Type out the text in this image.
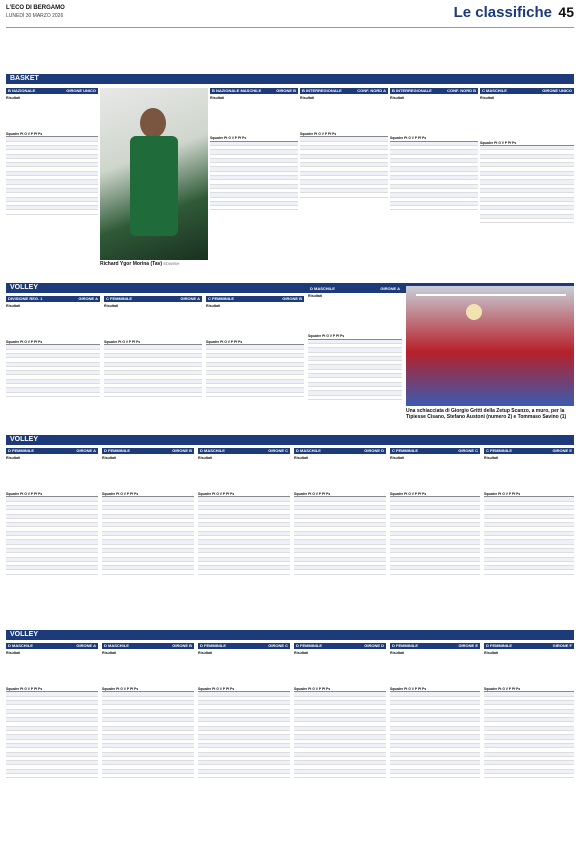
L'ECO DI BERGAMO
LUNEDÌ 30 MARZO 2026	Le classifiche 45
BASKET
B NAZIONALE	GIRONE UNICO
Risultati

Squadre Pt G V P Pf Ps
Richard Ygor Morina (Tav) EDWISH
B NAZIONALE MASCHILE	GIRONE B
Risultati

Squadre Pt G V P Pf Ps
B INTERREGIONALE	CONF. NORD A
Risultati

Squadre Pt G V P Pf Ps
B INTERREGIONALE	CONF. NORD B
Risultati

Squadre Pt G V P Pf Ps
C MASCHILE	GIRONE UNICO
Risultati

Squadre Pt G V P Pf Ps
VOLLEY
DIVISIONE REG. 1	GIRONE A
Risultati

Squadre Pt G V P Pf Ps
C FEMMINILE	GIRONE A
Risultati

Squadre Pt G V P Pf Ps
C FEMMINILE	GIRONE B
Risultati

Squadre Pt G V P Pf Ps
D MASCHILE	GIRONE A
Risultati

Squadre Pt G V P Pf Ps
Una schiacciata di Giorgio Gritti della Zetup Scanzo, a muro, per la Tipiesse Cisano, Stefano Austoni (numero 2) e Tommaso Savino (1)
VOLLEY
D FEMMINILE	GIRONE A
Risultati

Squadre Pt G V P Pf Ps
D FEMMINILE	GIRONE B
Risultati

Squadre Pt G V P Pf Ps
D MASCHILE	GIRONE C
Risultati

Squadre Pt G V P Pf Ps
D MASCHILE	GIRONE D
Risultati

Squadre Pt G V P Pf Ps
C FEMMINILE	GIRONE C
Risultati

Squadre Pt G V P Pf Ps
C FEMMINILE	GIRONE E
Risultati

Squadre Pt G V P Pf Ps
VOLLEY
D MASCHILE	GIRONE A
Risultati

Squadre Pt G V P Pf Ps
D MASCHILE	GIRONE B
Risultati

Squadre Pt G V P Pf Ps
D FEMMINILE	GIRONE C
Risultati

Squadre Pt G V P Pf Ps
D FEMMINILE	GIRONE D
Risultati

Squadre Pt G V P Pf Ps
D FEMMINILE	GIRONE E
Risultati

Squadre Pt G V P Pf Ps
D FEMMINILE	GIRONE F
Risultati

Squadre Pt G V P Pf Ps
